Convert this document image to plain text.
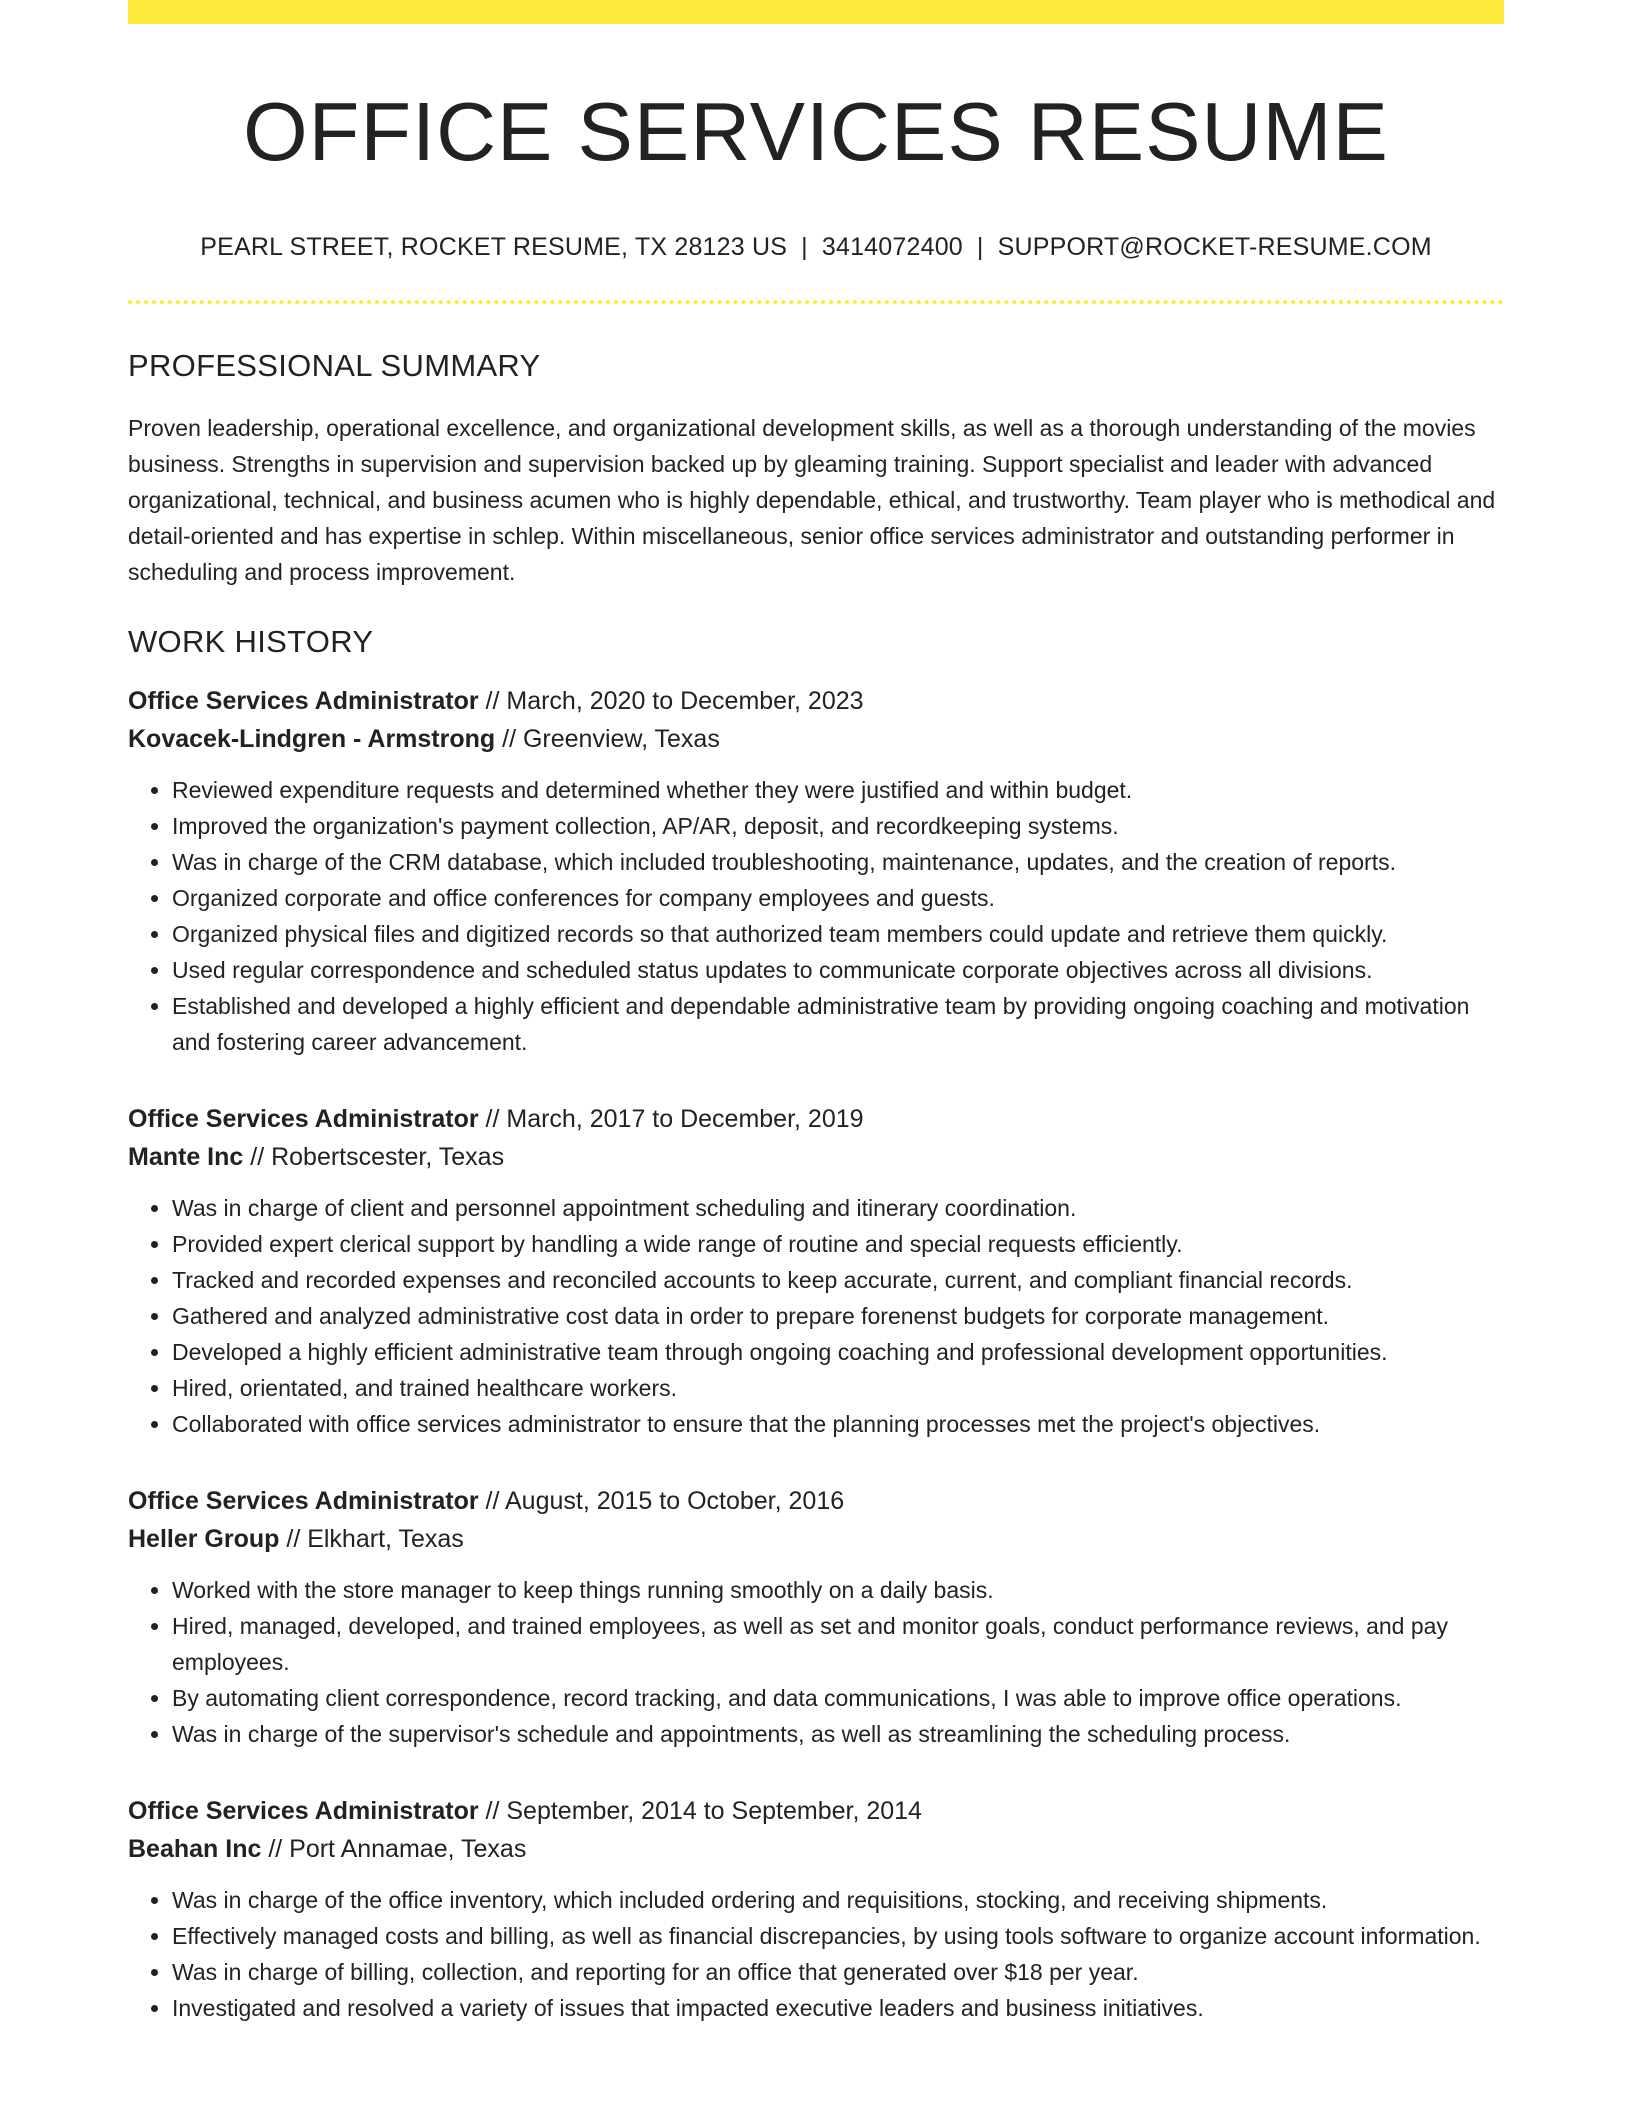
OFFICE SERVICES RESUME
PEARL STREET, ROCKET RESUME, TX 28123 US | 3414072400 | SUPPORT@ROCKET-RESUME.COM
PROFESSIONAL SUMMARY
Proven leadership, operational excellence, and organizational development skills, as well as a thorough understanding of the movies business. Strengths in supervision and supervision backed up by gleaming training. Support specialist and leader with advanced organizational, technical, and business acumen who is highly dependable, ethical, and trustworthy. Team player who is methodical and detail-oriented and has expertise in schlep. Within miscellaneous, senior office services administrator and outstanding performer in scheduling and process improvement.
WORK HISTORY
Office Services Administrator // March, 2020 to December, 2023
Kovacek-Lindgren - Armstrong // Greenview, Texas
• Reviewed expenditure requests and determined whether they were justified and within budget.
• Improved the organization's payment collection, AP/AR, deposit, and recordkeeping systems.
• Was in charge of the CRM database, which included troubleshooting, maintenance, updates, and the creation of reports.
• Organized corporate and office conferences for company employees and guests.
• Organized physical files and digitized records so that authorized team members could update and retrieve them quickly.
• Used regular correspondence and scheduled status updates to communicate corporate objectives across all divisions.
• Established and developed a highly efficient and dependable administrative team by providing ongoing coaching and motivation and fostering career advancement.
Office Services Administrator // March, 2017 to December, 2019
Mante Inc // Robertscester, Texas
• Was in charge of client and personnel appointment scheduling and itinerary coordination.
• Provided expert clerical support by handling a wide range of routine and special requests efficiently.
• Tracked and recorded expenses and reconciled accounts to keep accurate, current, and compliant financial records.
• Gathered and analyzed administrative cost data in order to prepare forenenst budgets for corporate management.
• Developed a highly efficient administrative team through ongoing coaching and professional development opportunities.
• Hired, orientated, and trained healthcare workers.
• Collaborated with office services administrator to ensure that the planning processes met the project's objectives.
Office Services Administrator // August, 2015 to October, 2016
Heller Group // Elkhart, Texas
• Worked with the store manager to keep things running smoothly on a daily basis.
• Hired, managed, developed, and trained employees, as well as set and monitor goals, conduct performance reviews, and pay employees.
• By automating client correspondence, record tracking, and data communications, I was able to improve office operations.
• Was in charge of the supervisor's schedule and appointments, as well as streamlining the scheduling process.
Office Services Administrator // September, 2014 to September, 2014
Beahan Inc // Port Annamae, Texas
• Was in charge of the office inventory, which included ordering and requisitions, stocking, and receiving shipments.
• Effectively managed costs and billing, as well as financial discrepancies, by using tools software to organize account information.
• Was in charge of billing, collection, and reporting for an office that generated over $18 per year.
• Investigated and resolved a variety of issues that impacted executive leaders and business initiatives.
